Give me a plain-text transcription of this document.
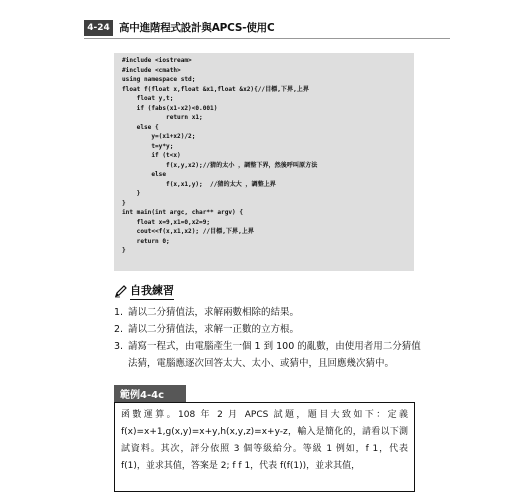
4-24 高中進階程式設計與APCS-使用C
#include <iostream>
#include <cmath>
using namespace std;
float f(float x,float &x1,float &x2){//目標,下界,上界
float y,t;
if (fabs(x1-x2)<0.001)
return x1;
else {
y=(x1+x2)/2;
t=y*y;
if (t<x)
f(x,y,x2);//猜的太小 ，調整下界，然後呼叫原方法
else
f(x,x1,y);  //猜的太大 ，調整上界
}
}
int main(int argc, char** argv) {
float x=9,x1=0,x2=9;
cout<<f(x,x1,x2); //目標,下界,上界
return 0;
}
自我練習
1. 請以二分猜值法，求解兩數相除的結果。
2. 請以二分猜值法，求解一正數的立方根。
3. 請寫一程式，由電腦產生一個 1 到 100 的亂數，由使用者用二分猜值法猜，電腦應逐次回答太大、太小、或猜中，且回應幾次猜中。
範例4-4c
函數運算。108 年 2 月 APCS 試題，題目大致如下：定義 f(x)=x+1,g(x,y)=x+y,h(x,y,z)=x+y-z，輸入是簡化的，請看以下測試資料。其次，評分依照 3 個等級給分。等級 1 例如，f 1，代表 f(1)，並求其值，答案是 2; f f 1，代表 f(f(1))，並求其值，
